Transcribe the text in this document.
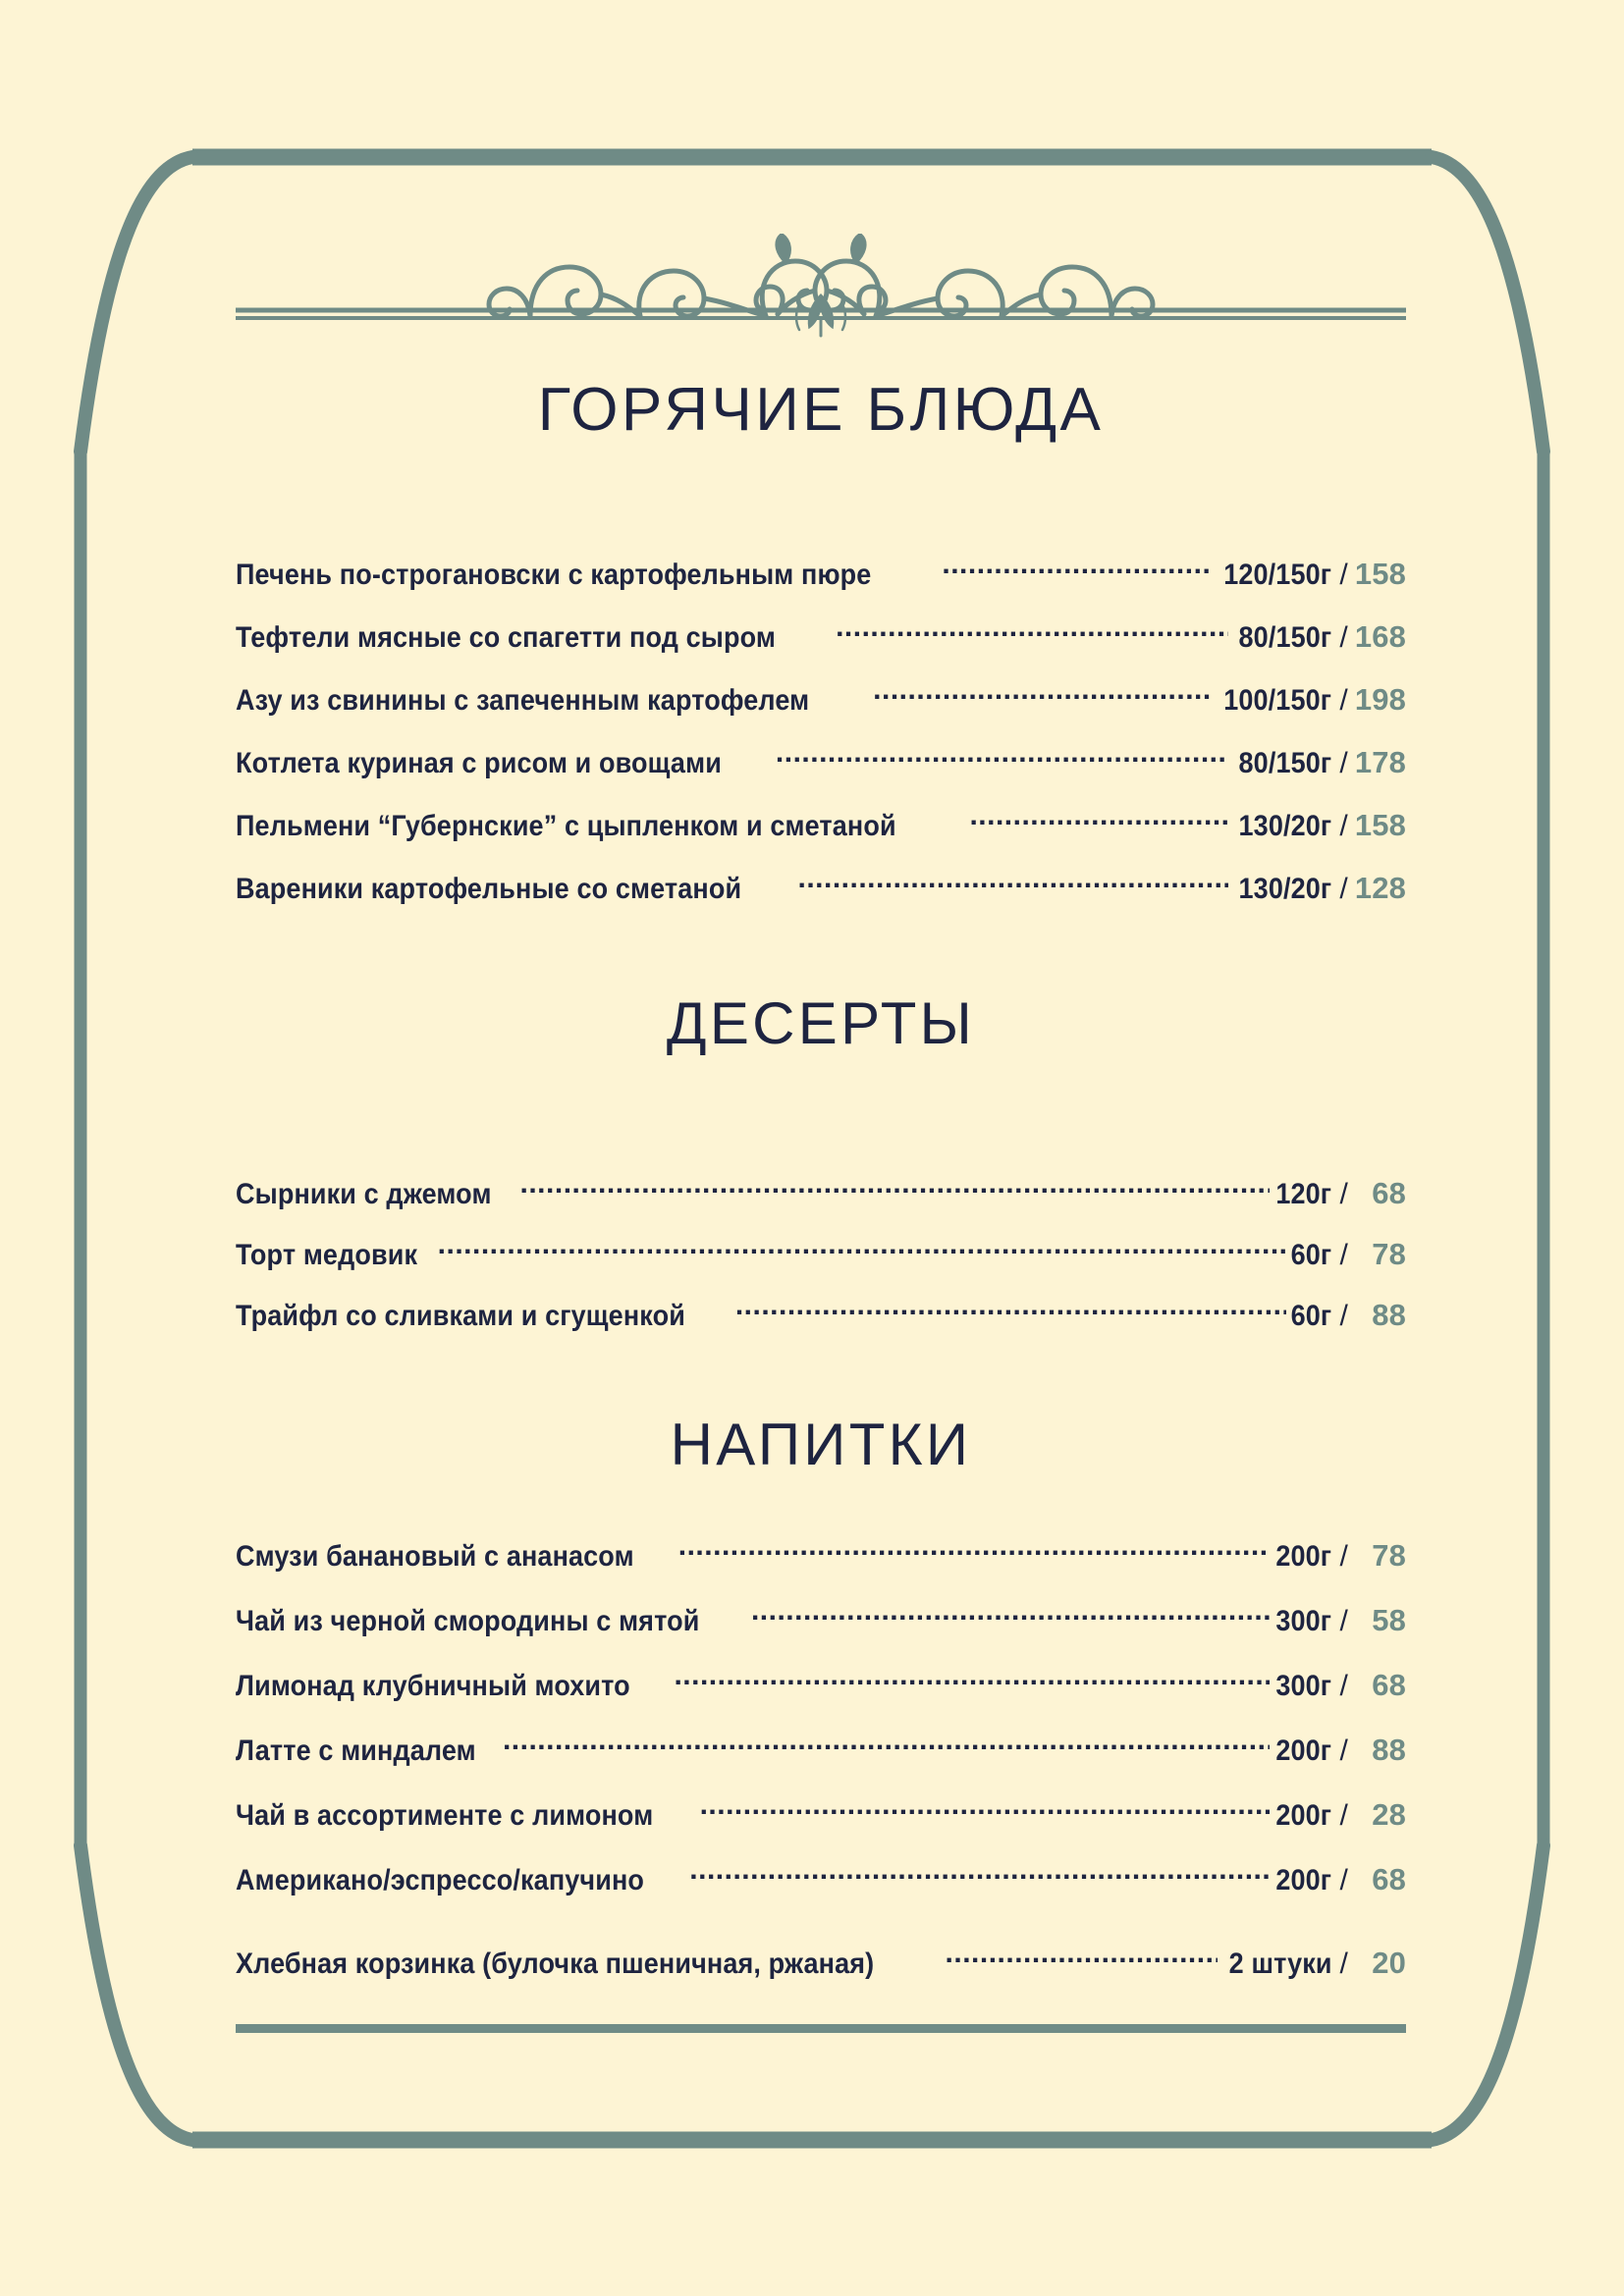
ГОРЯЧИЕ БЛЮДА
Печень по-строгановски с картофельным пюре .....	120/150г / 158
Тефтели мясные со спагетти под сыром .....	80/150г / 168
Азу из свинины с запеченным картофелем .....	100/150г / 198
Котлета куриная с рисом и овощами .....	80/150г / 178
Пельмени “Губернские” с цыпленком и сметаной .....	130/20г / 158
Вареники картофельные со сметаной .....	130/20г / 128
ДЕСЕРТЫ
Сырники с джемом .....	120г / 68
Торт медовик .....	60г / 78
Трайфл со сливками и сгущенкой .....	60г / 88
НАПИТКИ
Смузи банановый с ананасом .....	200г / 78
Чай из черной смородины с мятой .....	300г / 58
Лимонад клубничный мохито .....	300г / 68
Латте с миндалем .....	200г / 88
Чай в ассортименте с лимоном .....	200г / 28
Американо/эспрессо/капучино .....	200г / 68
Хлебная корзинка (булочка пшеничная, ржаная) .....	2 штуки / 20
